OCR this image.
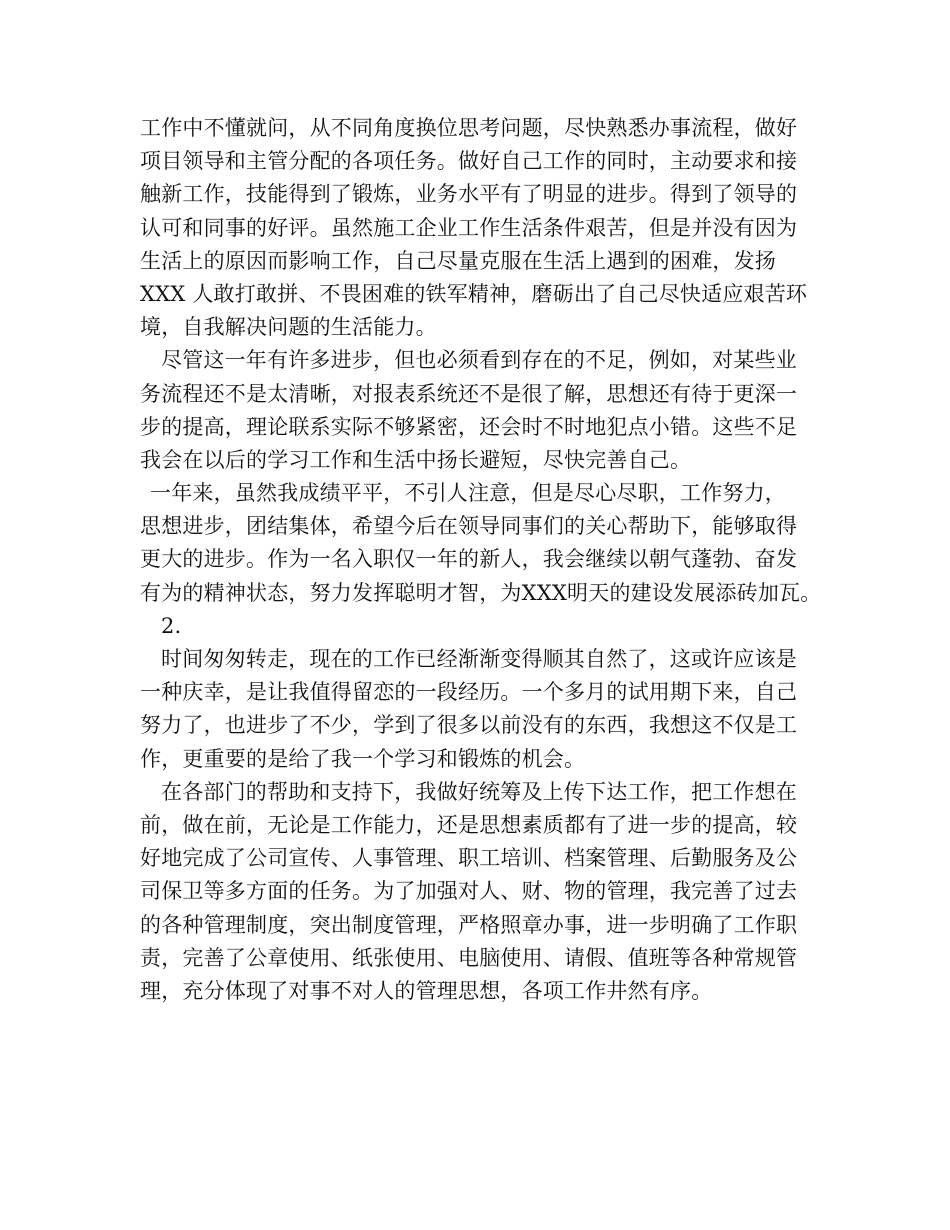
工作中不懂就问，从不同角度换位思考问题，尽快熟悉办事流程，做好
项目领导和主管分配的各项任务。做好自己工作的同时，主动要求和接
触新工作，技能得到了锻炼，业务水平有了明显的进步。得到了领导的
认可和同事的好评。虽然施工企业工作生活条件艰苦，但是并没有因为
生活上的原因而影响工作，自己尽量克服在生活上遇到的困难，发扬
XXX 人敢打敢拼、不畏困难的铁军精神，磨砺出了自己尽快适应艰苦环
境，自我解决问题的生活能力。
尽管这一年有许多进步，但也必须看到存在的不足，例如，对某些业
务流程还不是太清晰，对报表系统还不是很了解，思想还有待于更深一
步的提高，理论联系实际不够紧密，还会时不时地犯点小错。这些不足
我会在以后的学习工作和生活中扬长避短，尽快完善自己。
一年来，虽然我成绩平平，不引人注意，但是尽心尽职，工作努力，
思想进步，团结集体，希望今后在领导同事们的关心帮助下，能够取得
更大的进步。作为一名入职仅一年的新人，我会继续以朝气蓬勃、奋发
有为的精神状态，努力发挥聪明才智，为XXX明天的建设发展添砖加瓦。
2.
时间匆匆转走，现在的工作已经渐渐变得顺其自然了，这或许应该是
一种庆幸，是让我值得留恋的一段经历。一个多月的试用期下来，自己
努力了，也进步了不少，学到了很多以前没有的东西，我想这不仅是工
作，更重要的是给了我一个学习和锻炼的机会。
在各部门的帮助和支持下，我做好统筹及上传下达工作，把工作想在
前，做在前，无论是工作能力，还是思想素质都有了进一步的提高，较
好地完成了公司宣传、人事管理、职工培训、档案管理、后勤服务及公
司保卫等多方面的任务。为了加强对人、财、物的管理，我完善了过去
的各种管理制度，突出制度管理，严格照章办事，进一步明确了工作职
责，完善了公章使用、纸张使用、电脑使用、请假、值班等各种常规管
理，充分体现了对事不对人的管理思想，各项工作井然有序。
